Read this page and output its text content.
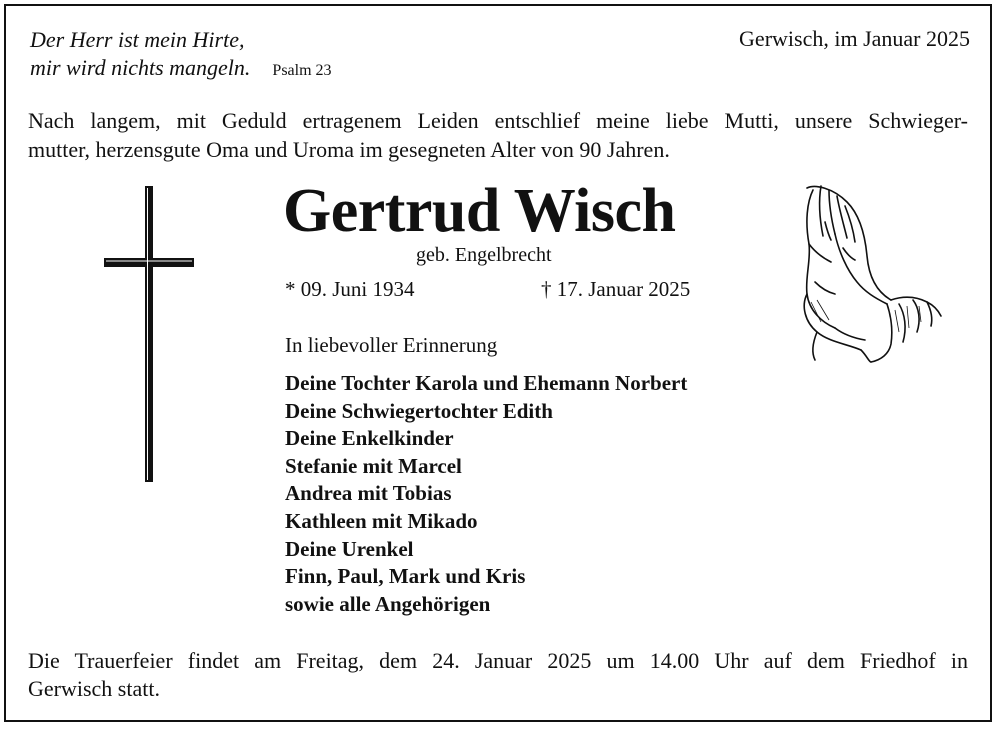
Der Herr ist mein Hirte,
mir wird nichts mangeln. Psalm 23
Gerwisch, im Januar 2025
Nach langem, mit Geduld ertragenem Leiden entschlief meine liebe Mutti, unsere Schwieger-
mutter, herzensgute Oma und Uroma im gesegneten Alter von 90 Jahren.
Gertrud Wisch
geb. Engelbrecht
* 09. Juni 1934	† 17. Januar 2025
In liebevoller Erinnerung
Deine Tochter Karola und Ehemann Norbert
Deine Schwiegertochter Edith
Deine Enkelkinder
Stefanie mit Marcel
Andrea mit Tobias
Kathleen mit Mikado
Deine Urenkel
Finn, Paul, Mark und Kris
sowie alle Angehörigen
Die Trauerfeier findet am Freitag, dem 24. Januar 2025 um 14.00 Uhr auf dem Friedhof in
Gerwisch statt.
